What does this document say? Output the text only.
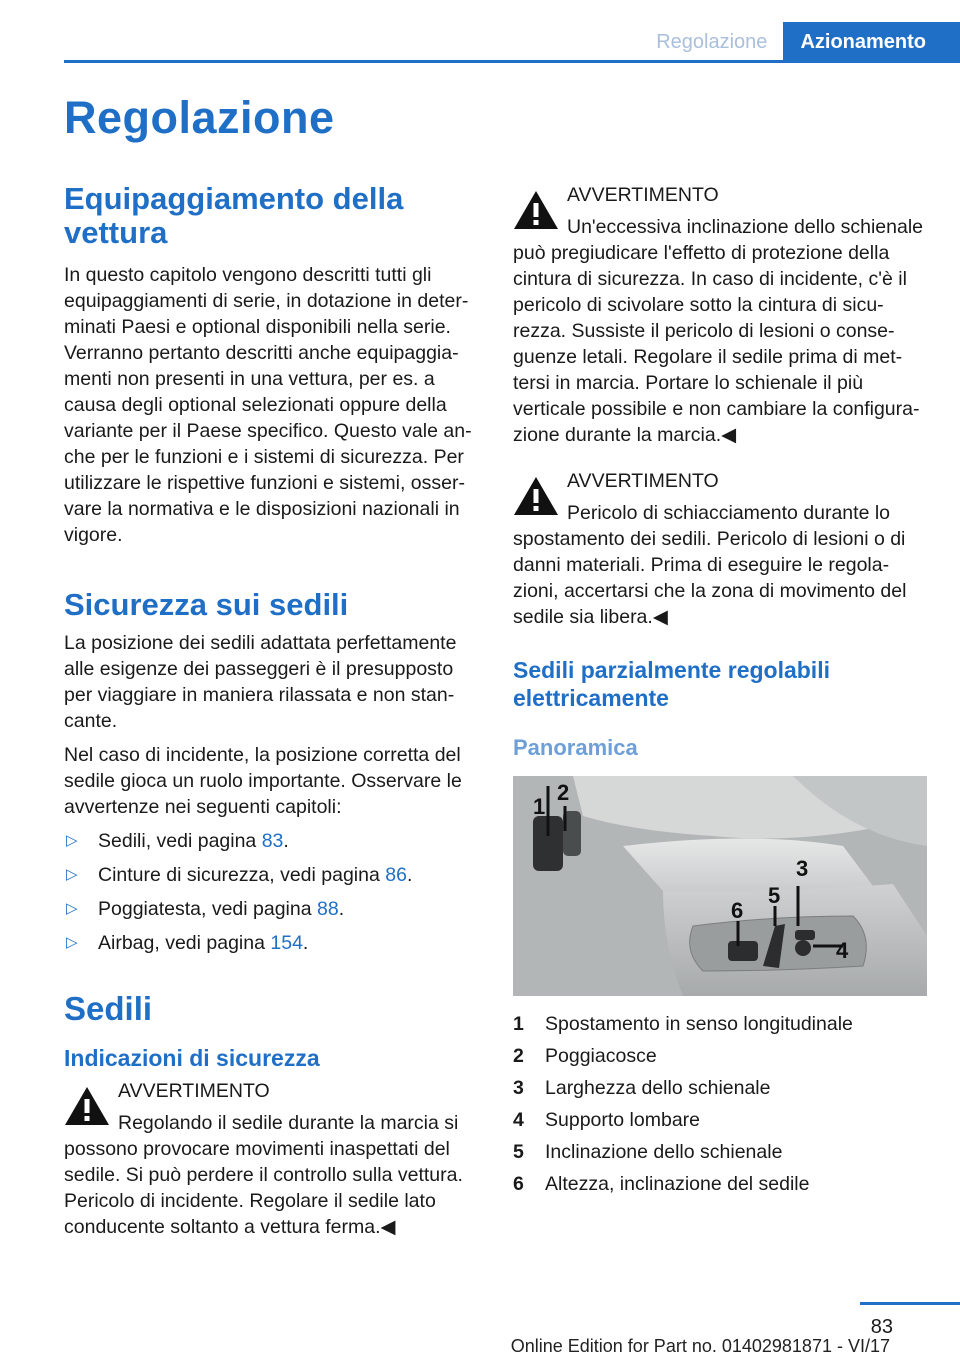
Regolazione	Azionamento
Regolazione
Equipaggiamento della vettura

In questo capitolo vengono descritti tutti gli equipaggiamenti di serie, in dotazione in determinati Paesi e optional disponibili nella serie. Verranno pertanto descritti anche equipaggiamenti non presenti in una vettura, per es. a causa degli optional selezionati oppure della variante per il Paese specifico. Questo vale anche per le funzioni e i sistemi di sicurezza. Per utilizzare le rispettive funzioni e sistemi, osservare la normativa e le disposizioni nazionali in vigore.

Sicurezza sui sedili

La posizione dei sedili adattata perfettamente alle esigenze dei passeggeri è il presupposto per viaggiare in maniera rilassata e non stancante.

Nel caso di incidente, la posizione corretta del sedile gioca un ruolo importante. Osservare le avvertenze nei seguenti capitoli:

▷ Sedili, vedi pagina 83.
▷ Cinture di sicurezza, vedi pagina 86.
▷ Poggiatesta, vedi pagina 88.
▷ Airbag, vedi pagina 154.
Sedili
Indicazioni di sicurezza
AVVERTIMENTO

Regolando il sedile durante la marcia si possono provocare movimenti inaspettati del sedile. Si può perdere il controllo sulla vettura. Pericolo di incidente. Regolare il sedile lato conducente soltanto a vettura ferma.◀

AVVERTIMENTO

Un'eccessiva inclinazione dello schienale può pregiudicare l'effetto di protezione della cintura di sicurezza. In caso di incidente, c'è il pericolo di scivolare sotto la cintura di sicurezza. Sussiste il pericolo di lesioni o conseguenze letali. Regolare il sedile prima di mettersi in marcia. Portare lo schienale il più verticale possibile e non cambiare la configurazione durante la marcia.◀

AVVERTIMENTO

Pericolo di schiacciamento durante lo spostamento dei sedili. Pericolo di lesioni o di danni materiali. Prima di eseguire le regolazioni, accertarsi che la zona di movimento del sedile sia libera.◀

Sedili parzialmente regolabili elettricamente
Panoramica
1
2
3
4
5
6
1	Spostamento in senso longitudinale
2	Poggiacosce
3	Larghezza dello schienale
4	Supporto lombare
5	Inclinazione dello schienale
6	Altezza, inclinazione del sedile
83
Online Edition for Part no. 01402981871 - VI/17
